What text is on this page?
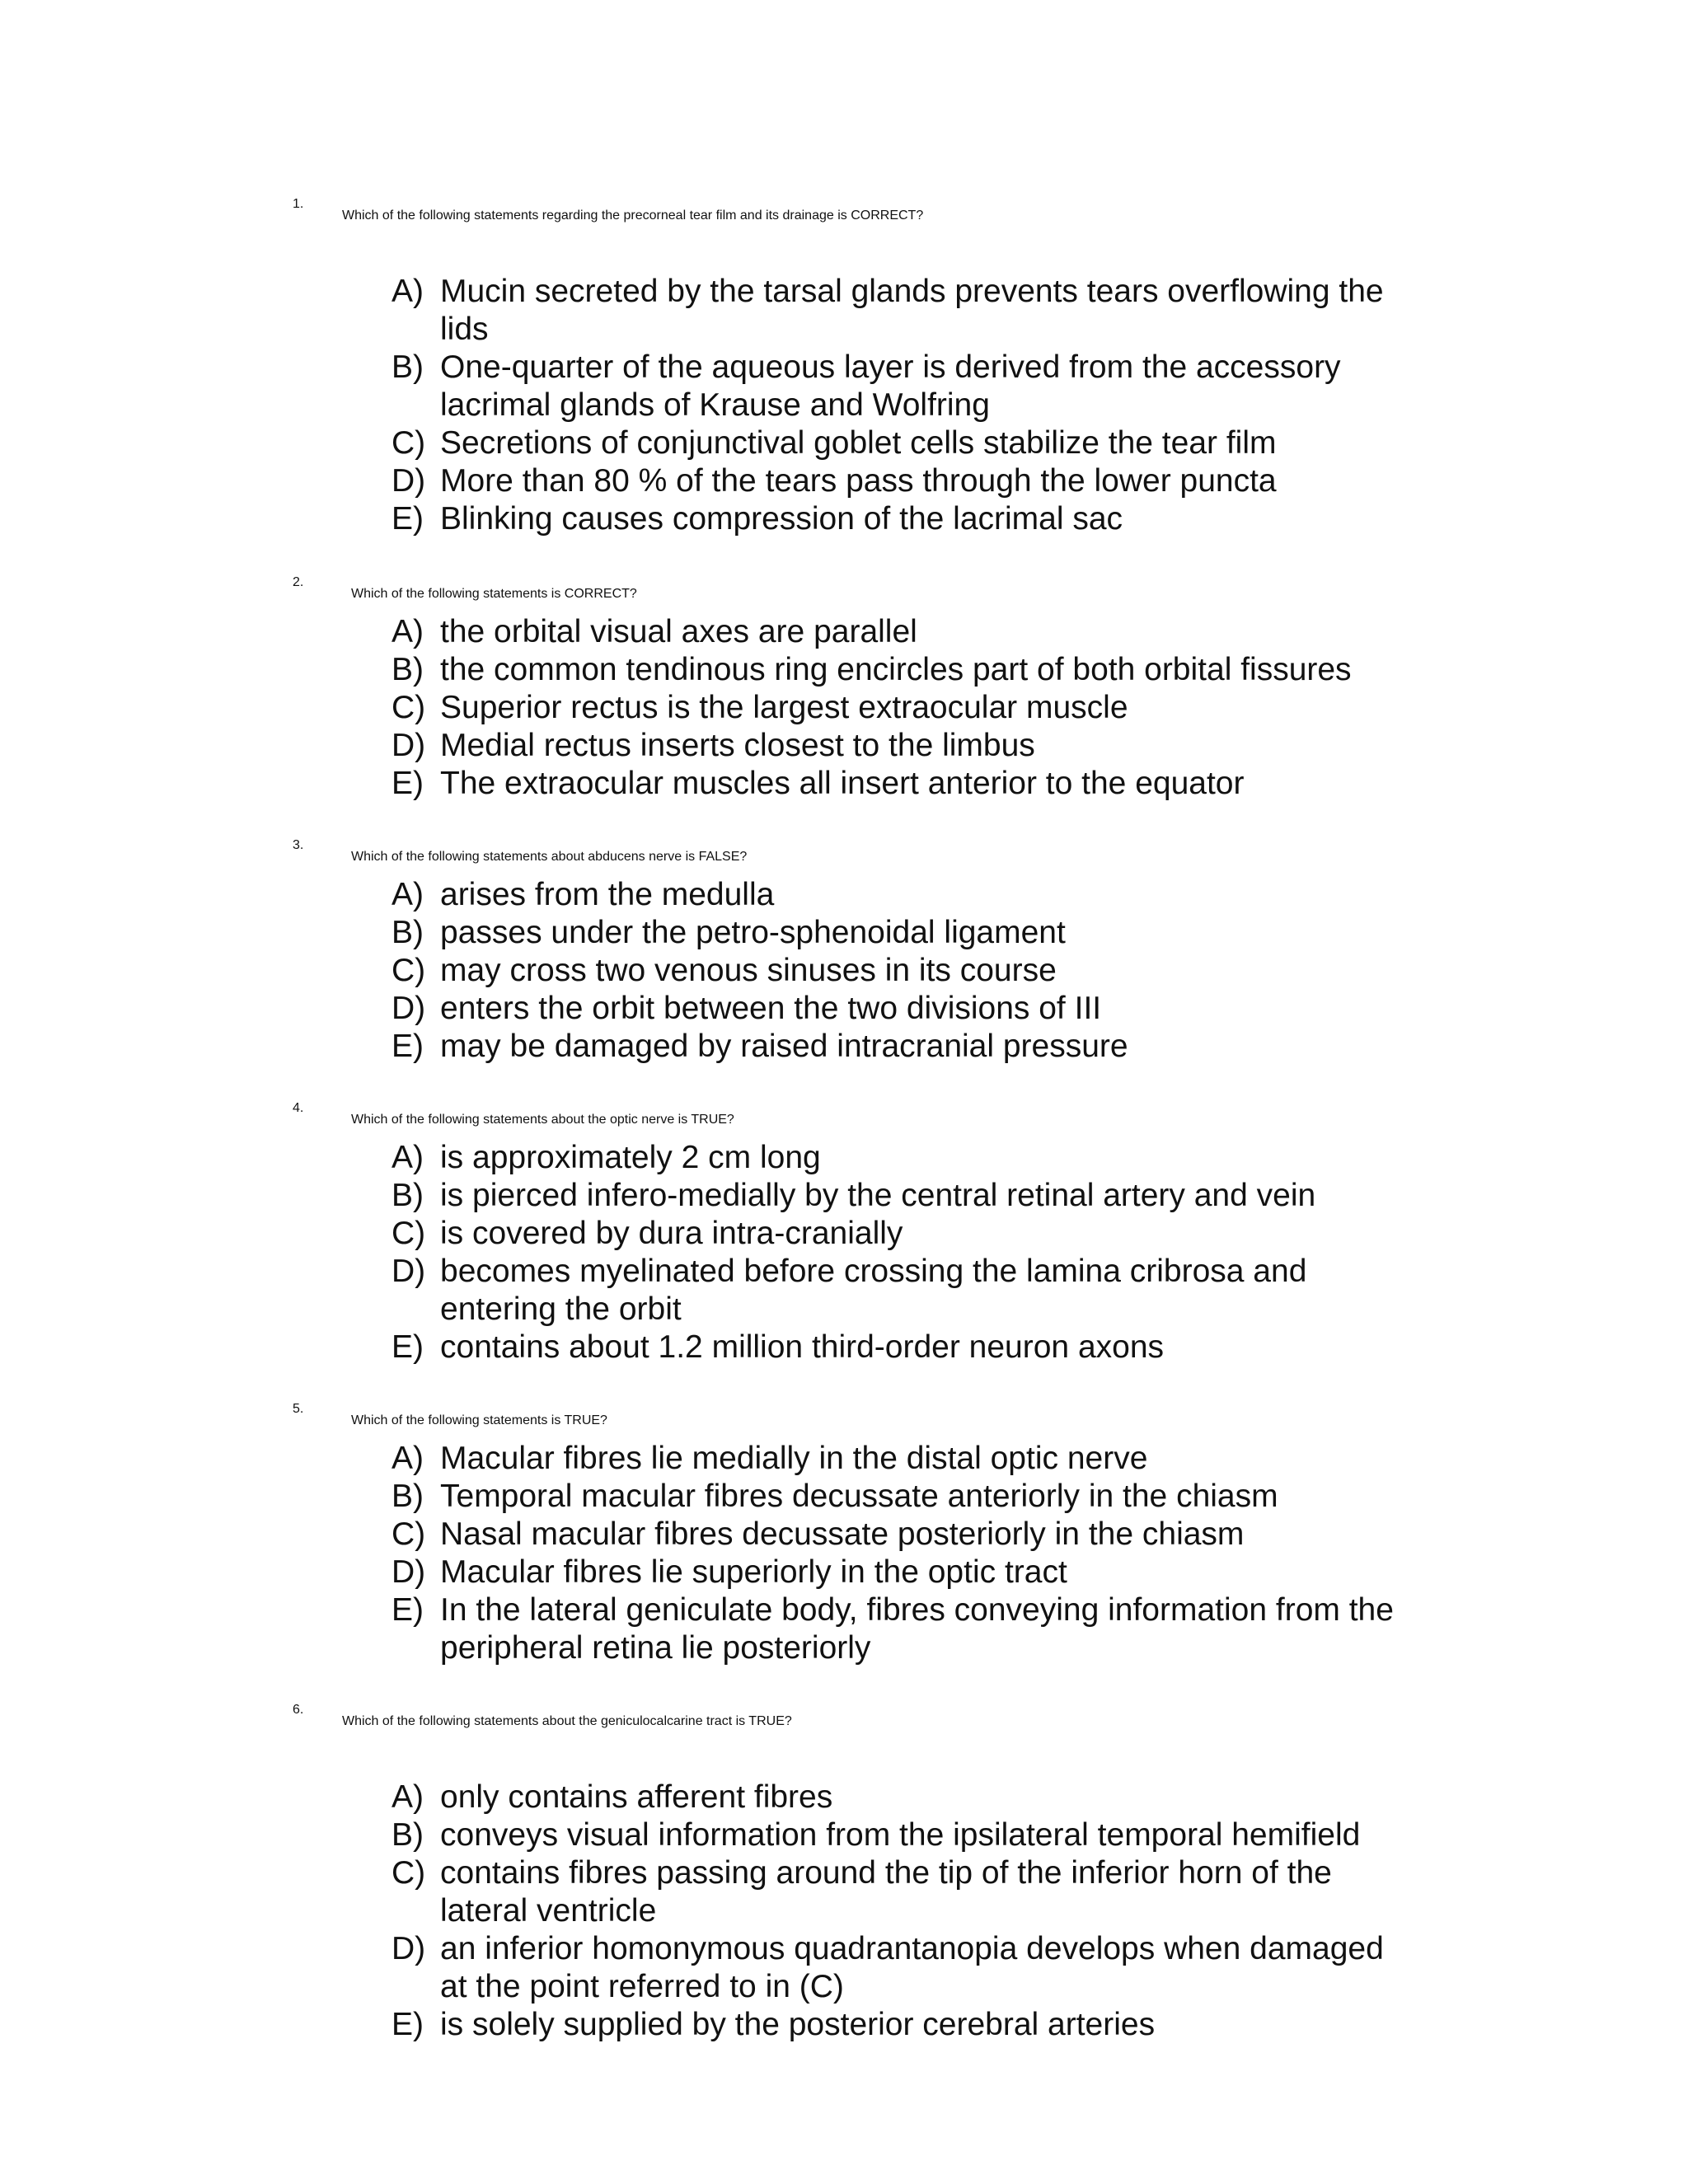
1.
Which of the following statements regarding the precorneal tear film and its drainage is CORRECT?
A) Mucin secreted by the tarsal glands prevents tears overflowing the lids
B) One-quarter of the aqueous layer is derived from the accessory lacrimal glands of Krause and Wolfring
C) Secretions of conjunctival goblet cells stabilize the tear film
D) More than 80 % of the tears pass through the lower puncta
E) Blinking causes compression of the lacrimal sac
2.
Which of the following statements is CORRECT?
A) the orbital visual axes are parallel
B) the common tendinous ring encircles part of both orbital fissures
C) Superior rectus is the largest extraocular muscle
D) Medial rectus inserts closest to the limbus
E) The extraocular muscles all insert anterior to the equator
3.
Which of the following statements about abducens nerve is FALSE?
A) arises from the medulla
B) passes under the petro-sphenoidal ligament
C) may cross two venous sinuses in its course
D) enters the orbit between the two divisions of III
E) may be damaged by raised intracranial pressure
4.
Which of the following statements about the optic nerve is TRUE?
A) is approximately 2 cm long
B) is pierced infero-medially by the central retinal artery and vein
C) is covered by dura intra-cranially
D) becomes myelinated before crossing the lamina cribrosa and entering the orbit
E) contains about 1.2 million third-order neuron axons
5.
Which of the following statements is TRUE?
A) Macular fibres lie medially in the distal optic nerve
B) Temporal macular fibres decussate anteriorly in the chiasm
C) Nasal macular fibres decussate posteriorly in the chiasm
D) Macular fibres lie superiorly in the optic tract
E) In the lateral geniculate body, fibres conveying information from the peripheral retina lie posteriorly
6.
Which of the following statements about the geniculocalcarine tract is TRUE?
A) only contains afferent fibres
B) conveys visual information from the ipsilateral temporal hemifield
C) contains fibres passing around the tip of the inferior horn of the lateral ventricle
D) an inferior homonymous quadrantanopia develops when damaged at the point referred to in (C)
E) is solely supplied by the posterior cerebral arteries
